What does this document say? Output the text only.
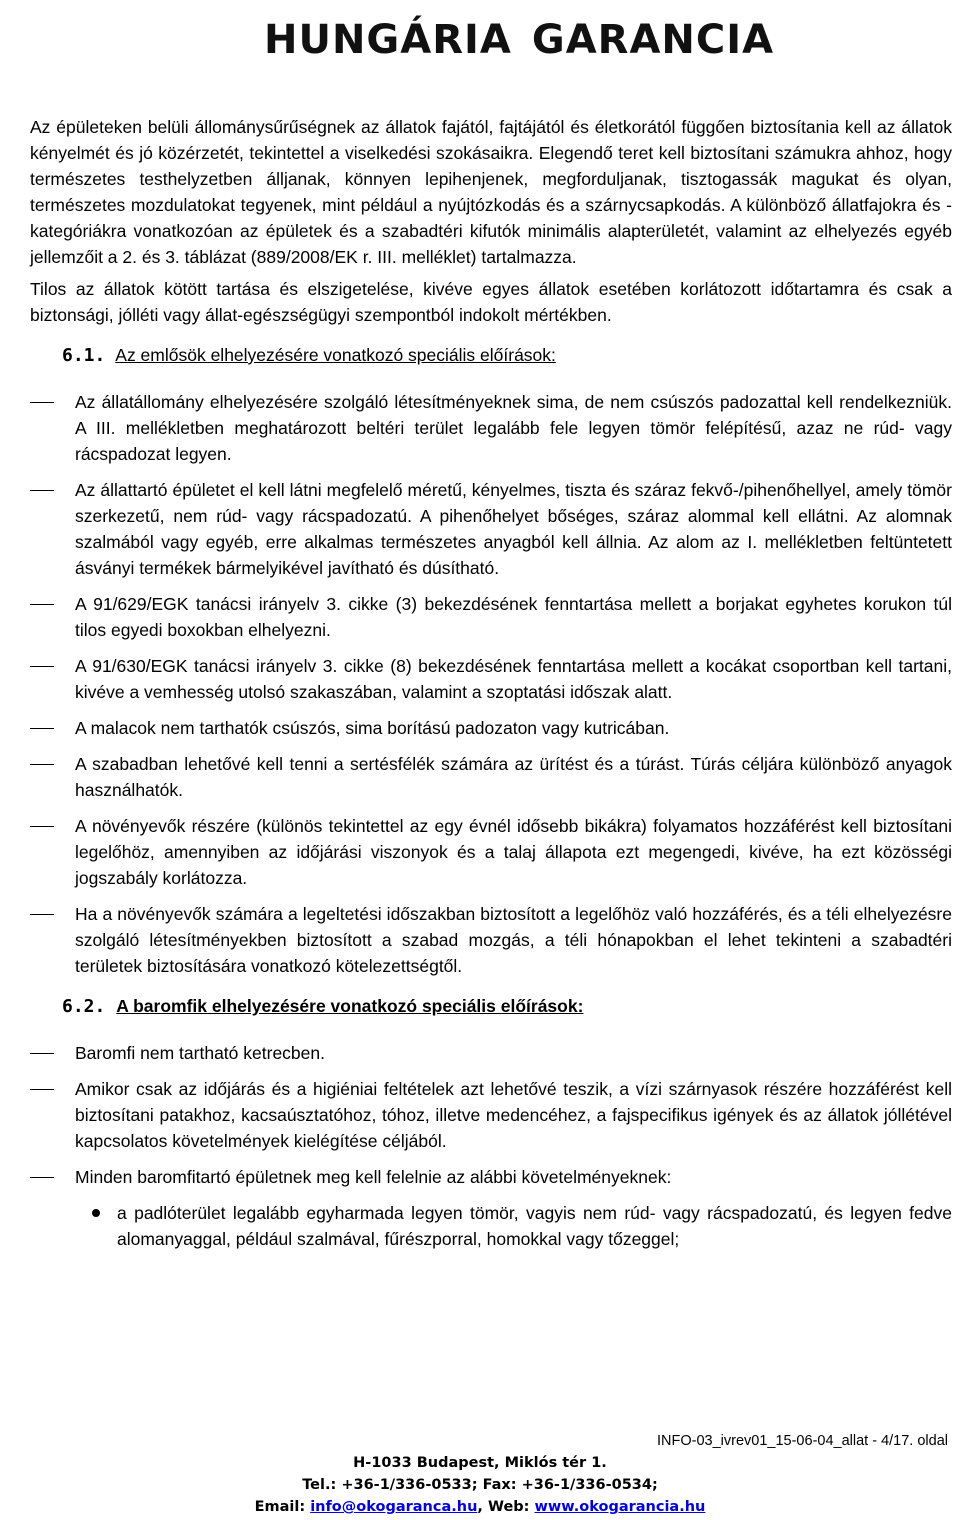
HUNGÁRIA GARANCIA

Az épületeken belüli állománysűrűségnek az állatok fajától, fajtájától és életkorától függően biztosítania kell az állatok kényelmét és jó közérzetét, tekintettel a viselkedési szokásaikra. Elegendő teret kell biztosítani számukra ahhoz, hogy természetes testhelyzetben álljanak, könnyen lepihenjenek, megforduljanak, tisztogassák magukat és olyan, természetes mozdulatokat tegyenek, mint például a nyújtózkodás és a szárnycsapkodás. A különböző állatfajokra és -kategóriákra vonatkozóan az épületek és a szabadtéri kifutók minimális alapterületét, valamint az elhelyezés egyéb jellemzőit a 2. és 3. táblázat (889/2008/EK r. III. melléklet) tartalmazza.

Tilos az állatok kötött tartása és elszigetelése, kivéve egyes állatok esetében korlátozott időtartamra és csak a biztonsági, jólléti vagy állat-egészségügyi szempontból indokolt mértékben.

6.1. Az emlősök elhelyezésére vonatkozó speciális előírások:
Az állatállomány elhelyezésére szolgáló létesítményeknek sima, de nem csúszós padozattal kell rendelkezniük. A III. mellékletben meghatározott beltéri terület legalább fele legyen tömör felépítésű, azaz ne rúd- vagy rácspadozat legyen.
Az állattartó épületet el kell látni megfelelő méretű, kényelmes, tiszta és száraz fekvő-/pihenőhellyel, amely tömör szerkezetű, nem rúd- vagy rácspadozatú. A pihenőhelyet bőséges, száraz alommal kell ellátni. Az alomnak szalmából vagy egyéb, erre alkalmas természetes anyagból kell állnia. Az alom az I. mellékletben feltüntetett ásványi termékek bármelyikével javítható és dúsítható.
A 91/629/EGK tanácsi irányelv 3. cikke (3) bekezdésének fenntartása mellett a borjakat egyhetes korukon túl tilos egyedi boxokban elhelyezni.
A 91/630/EGK tanácsi irányelv 3. cikke (8) bekezdésének fenntartása mellett a kocákat csoportban kell tartani, kivéve a vemhesség utolsó szakaszában, valamint a szoptatási időszak alatt.
A malacok nem tarthatók csúszós, sima borítású padozaton vagy kutricában.
A szabadban lehetővé kell tenni a sertésfélék számára az ürítést és a túrást. Túrás céljára különböző anyagok használhatók.
A növényevők részére (különös tekintettel az egy évnél idősebb bikákra) folyamatos hozzáférést kell biztosítani legelőhöz, amennyiben az időjárási viszonyok és a talaj állapota ezt megengedi, kivéve, ha ezt közösségi jogszabály korlátozza.
Ha a növényevők számára a legeltetési időszakban biztosított a legelőhöz való hozzáférés, és a téli elhelyezésre szolgáló létesítményekben biztosított a szabad mozgás, a téli hónapokban el lehet tekinteni a szabadtéri területek biztosítására vonatkozó kötelezettségtől.
6.2. A baromfik elhelyezésére vonatkozó speciális előírások:
Baromfi nem tartható ketrecben.
Amikor csak az időjárás és a higiéniai feltételek azt lehetővé teszik, a vízi szárnyasok részére hozzáférést kell biztosítani patakhoz, kacsaúsztatóhoz, tóhoz, illetve medencéhez, a fajspecifikus igények és az állatok jóllétével kapcsolatos követelmények kielégítése céljából.
Minden baromfitartó épületnek meg kell felelnie az alábbi követelményeknek:
a padlóterület legalább egyharmada legyen tömör, vagyis nem rúd- vagy rácspadozatú, és legyen fedve alomanyaggal, például szalmával, fűrészporral, homokkal vagy tőzeggel;
INFO-03_ivrev01_15-06-04_allat - 4/17. oldal
H-1033 Budapest, Miklós tér 1.
Tel.: +36-1/336-0533; Fax: +36-1/336-0534;
Email: info@okogaranca.hu, Web: www.okogarancia.hu
